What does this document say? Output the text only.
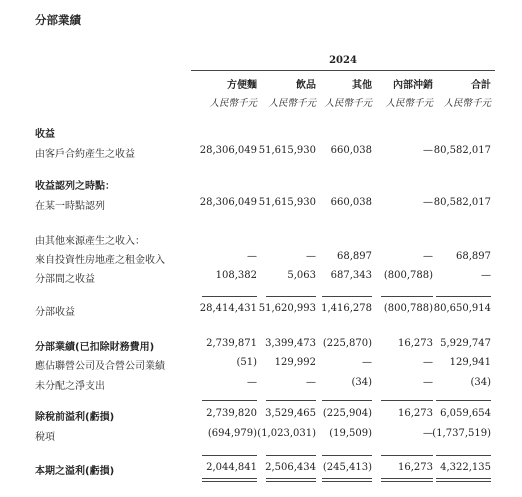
分部業績
2024
方便麵	飲品	其他 內部沖銷	合計
人民幣千元 人民幣千元 人民幣千元 人民幣千元 人民幣千元
收益
由客戶合約產生之收益	28,306,049 51,615,930 660,038	— 80,582,017
收益認列之時點：
在某一時點認列	28,306,049 51,615,930 660,038	— 80,582,017
由其他來源產生之收入：
來自投資性房地產之租金收入	—	— 68,897	— 68,897
分部間之收益	108,382	5,063 687,343 (800,788)	—
分部收益	28,414,431 51,620,993 1,416,278 (800,788) 80,650,914
分部業績(已扣除財務費用)	2,739,871 3,399,473 (225,870)	16,273 5,929,747
應佔聯營公司及合營公司業績	(51) 129,992	—	— 129,941
未分配之淨支出	—	—	(34)	—	(34)
除稅前溢利(虧損)	2,739,820 3,529,465 (225,904)	16,273 6,059,654
稅項	(694,979) (1,023,031) (19,509)	— (1,737,519)
本期之溢利(虧損)	2,044,841 2,506,434 (245,413)	16,273 4,322,135
